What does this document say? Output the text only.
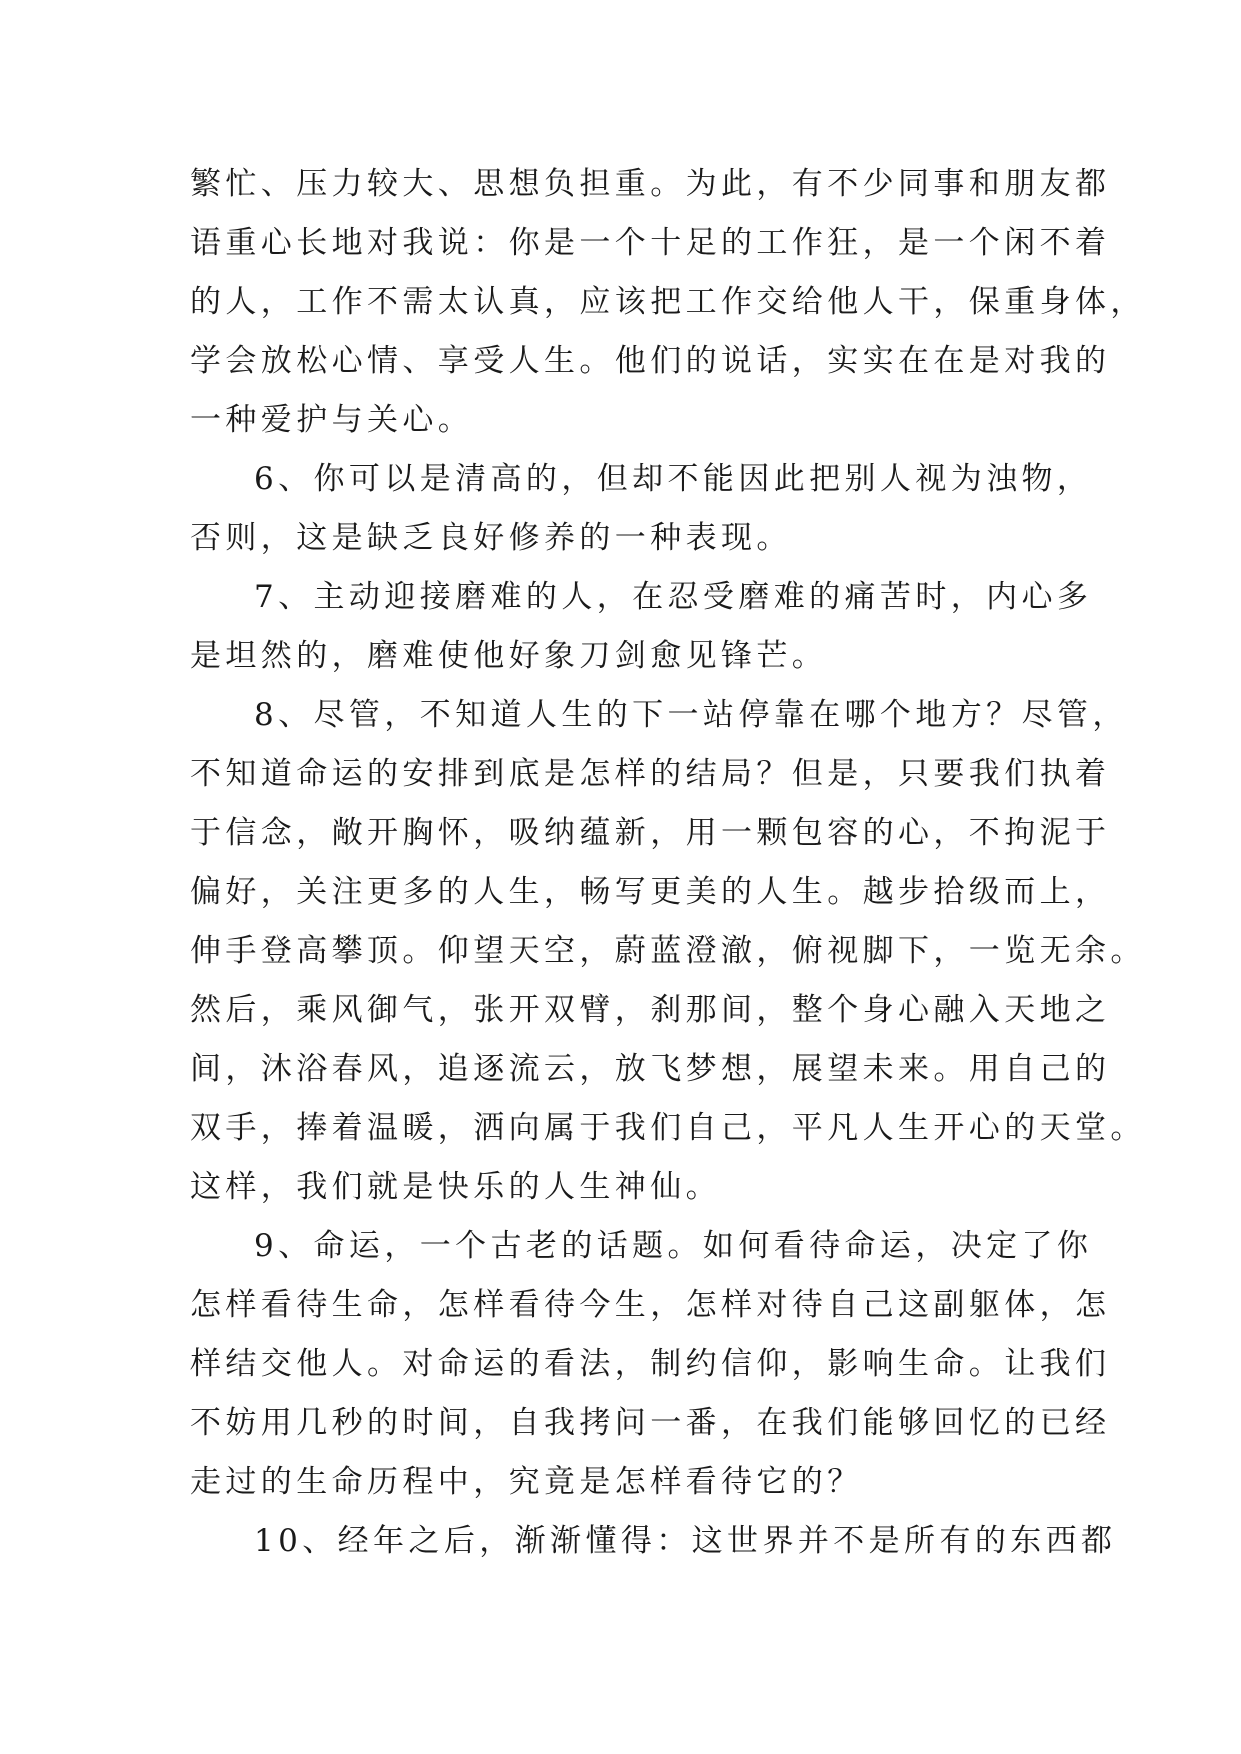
繁忙、压力较大、思想负担重。为此，有不少同事和朋友都
语重心长地对我说：你是一个十足的工作狂，是一个闲不着
的人，工作不需太认真，应该把工作交给他人干，保重身体，
学会放松心情、享受人生。他们的说话，实实在在是对我的
一种爱护与关心。
6、你可以是清高的，但却不能因此把别人视为浊物，
否则，这是缺乏良好修养的一种表现。
7、主动迎接磨难的人，在忍受磨难的痛苦时，内心多
是坦然的，磨难使他好象刀剑愈见锋芒。
8、尽管，不知道人生的下一站停靠在哪个地方？尽管，
不知道命运的安排到底是怎样的结局？但是，只要我们执着
于信念，敞开胸怀，吸纳蕴新，用一颗包容的心，不拘泥于
偏好，关注更多的人生，畅写更美的人生。越步拾级而上，
伸手登高攀顶。仰望天空，蔚蓝澄澈，俯视脚下，一览无余。
然后，乘风御气，张开双臂，刹那间，整个身心融入天地之
间，沐浴春风，追逐流云，放飞梦想，展望未来。用自己的
双手，捧着温暖，洒向属于我们自己，平凡人生开心的天堂。
这样，我们就是快乐的人生神仙。
9、命运，一个古老的话题。如何看待命运，决定了你
怎样看待生命，怎样看待今生，怎样对待自己这副躯体，怎
样结交他人。对命运的看法，制约信仰，影响生命。让我们
不妨用几秒的时间，自我拷问一番，在我们能够回忆的已经
走过的生命历程中，究竟是怎样看待它的？
10、经年之后，渐渐懂得：这世界并不是所有的东西都
